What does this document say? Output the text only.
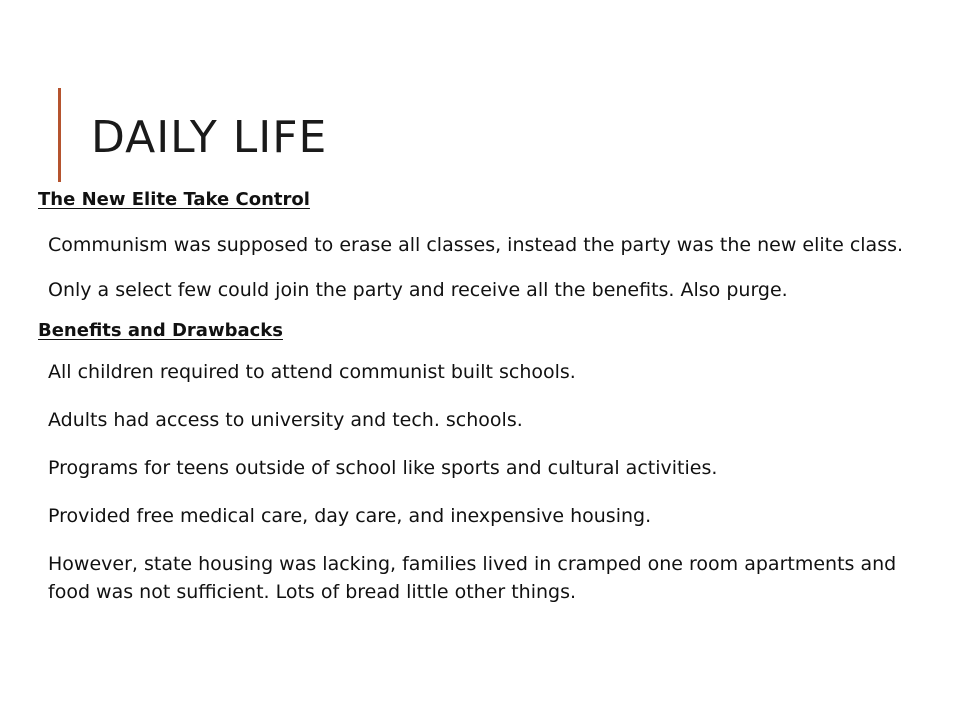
DAILY LIFE

The New Elite Take Control

Communism was supposed to erase all classes, instead the party was the new elite class.

Only a select few could join the party and receive all the benefits. Also purge.

Benefits and Drawbacks

All children required to attend communist built schools.

Adults had access to university and tech. schools.

Programs for teens outside of school like sports and cultural activities.

Provided free medical care, day care, and inexpensive housing.

However, state housing was lacking, families lived in cramped one room apartments and food was not sufficient. Lots of bread little other things.
